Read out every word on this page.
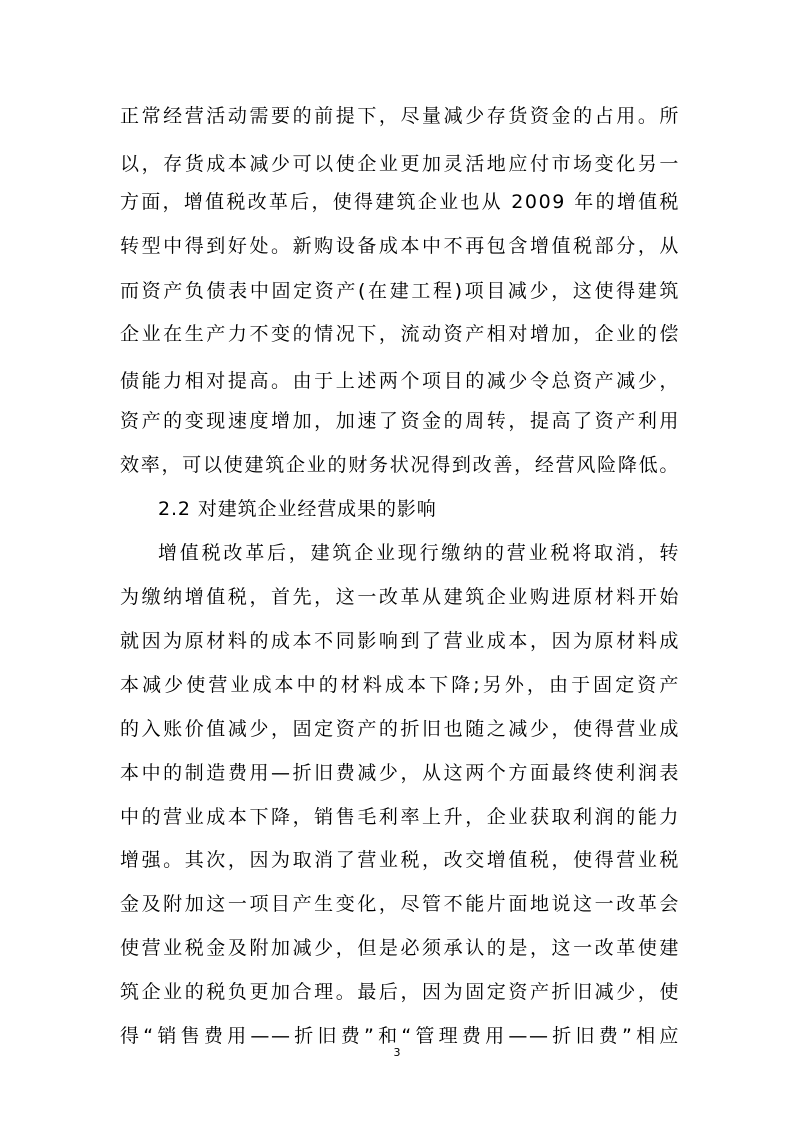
正常经营活动需要的前提下，尽量减少存货资金的占用。所
以，存货成本减少可以使企业更加灵活地应付市场变化另一
方面，增值税改革后，使得建筑企业也从 2009 年的增值税
转型中得到好处。新购设备成本中不再包含增值税部分，从
而资产负债表中固定资产(在建工程)项目减少，这使得建筑
企业在生产力不变的情况下，流动资产相对增加，企业的偿
债能力相对提高。由于上述两个项目的减少令总资产减少，
资产的变现速度增加，加速了资金的周转，提高了资产利用
效率，可以使建筑企业的财务状况得到改善，经营风险降低。
2.2 对建筑企业经营成果的影响
增值税改革后，建筑企业现行缴纳的营业税将取消，转
为缴纳增值税，首先，这一改革从建筑企业购进原材料开始
就因为原材料的成本不同影响到了营业成本，因为原材料成
本减少使营业成本中的材料成本下降;另外，由于固定资产
的入账价值减少，固定资产的折旧也随之减少，使得营业成
本中的制造费用—折旧费减少，从这两个方面最终使利润表
中的营业成本下降，销售毛利率上升，企业获取利润的能力
增强。其次，因为取消了营业税，改交增值税，使得营业税
金及附加这一项目产生变化，尽管不能片面地说这一改革会
使营业税金及附加减少，但是必须承认的是，这一改革使建
筑企业的税负更加合理。最后，因为固定资产折旧减少，使
得“销售费用——折旧费”和“管理费用——折旧费”相应
3
